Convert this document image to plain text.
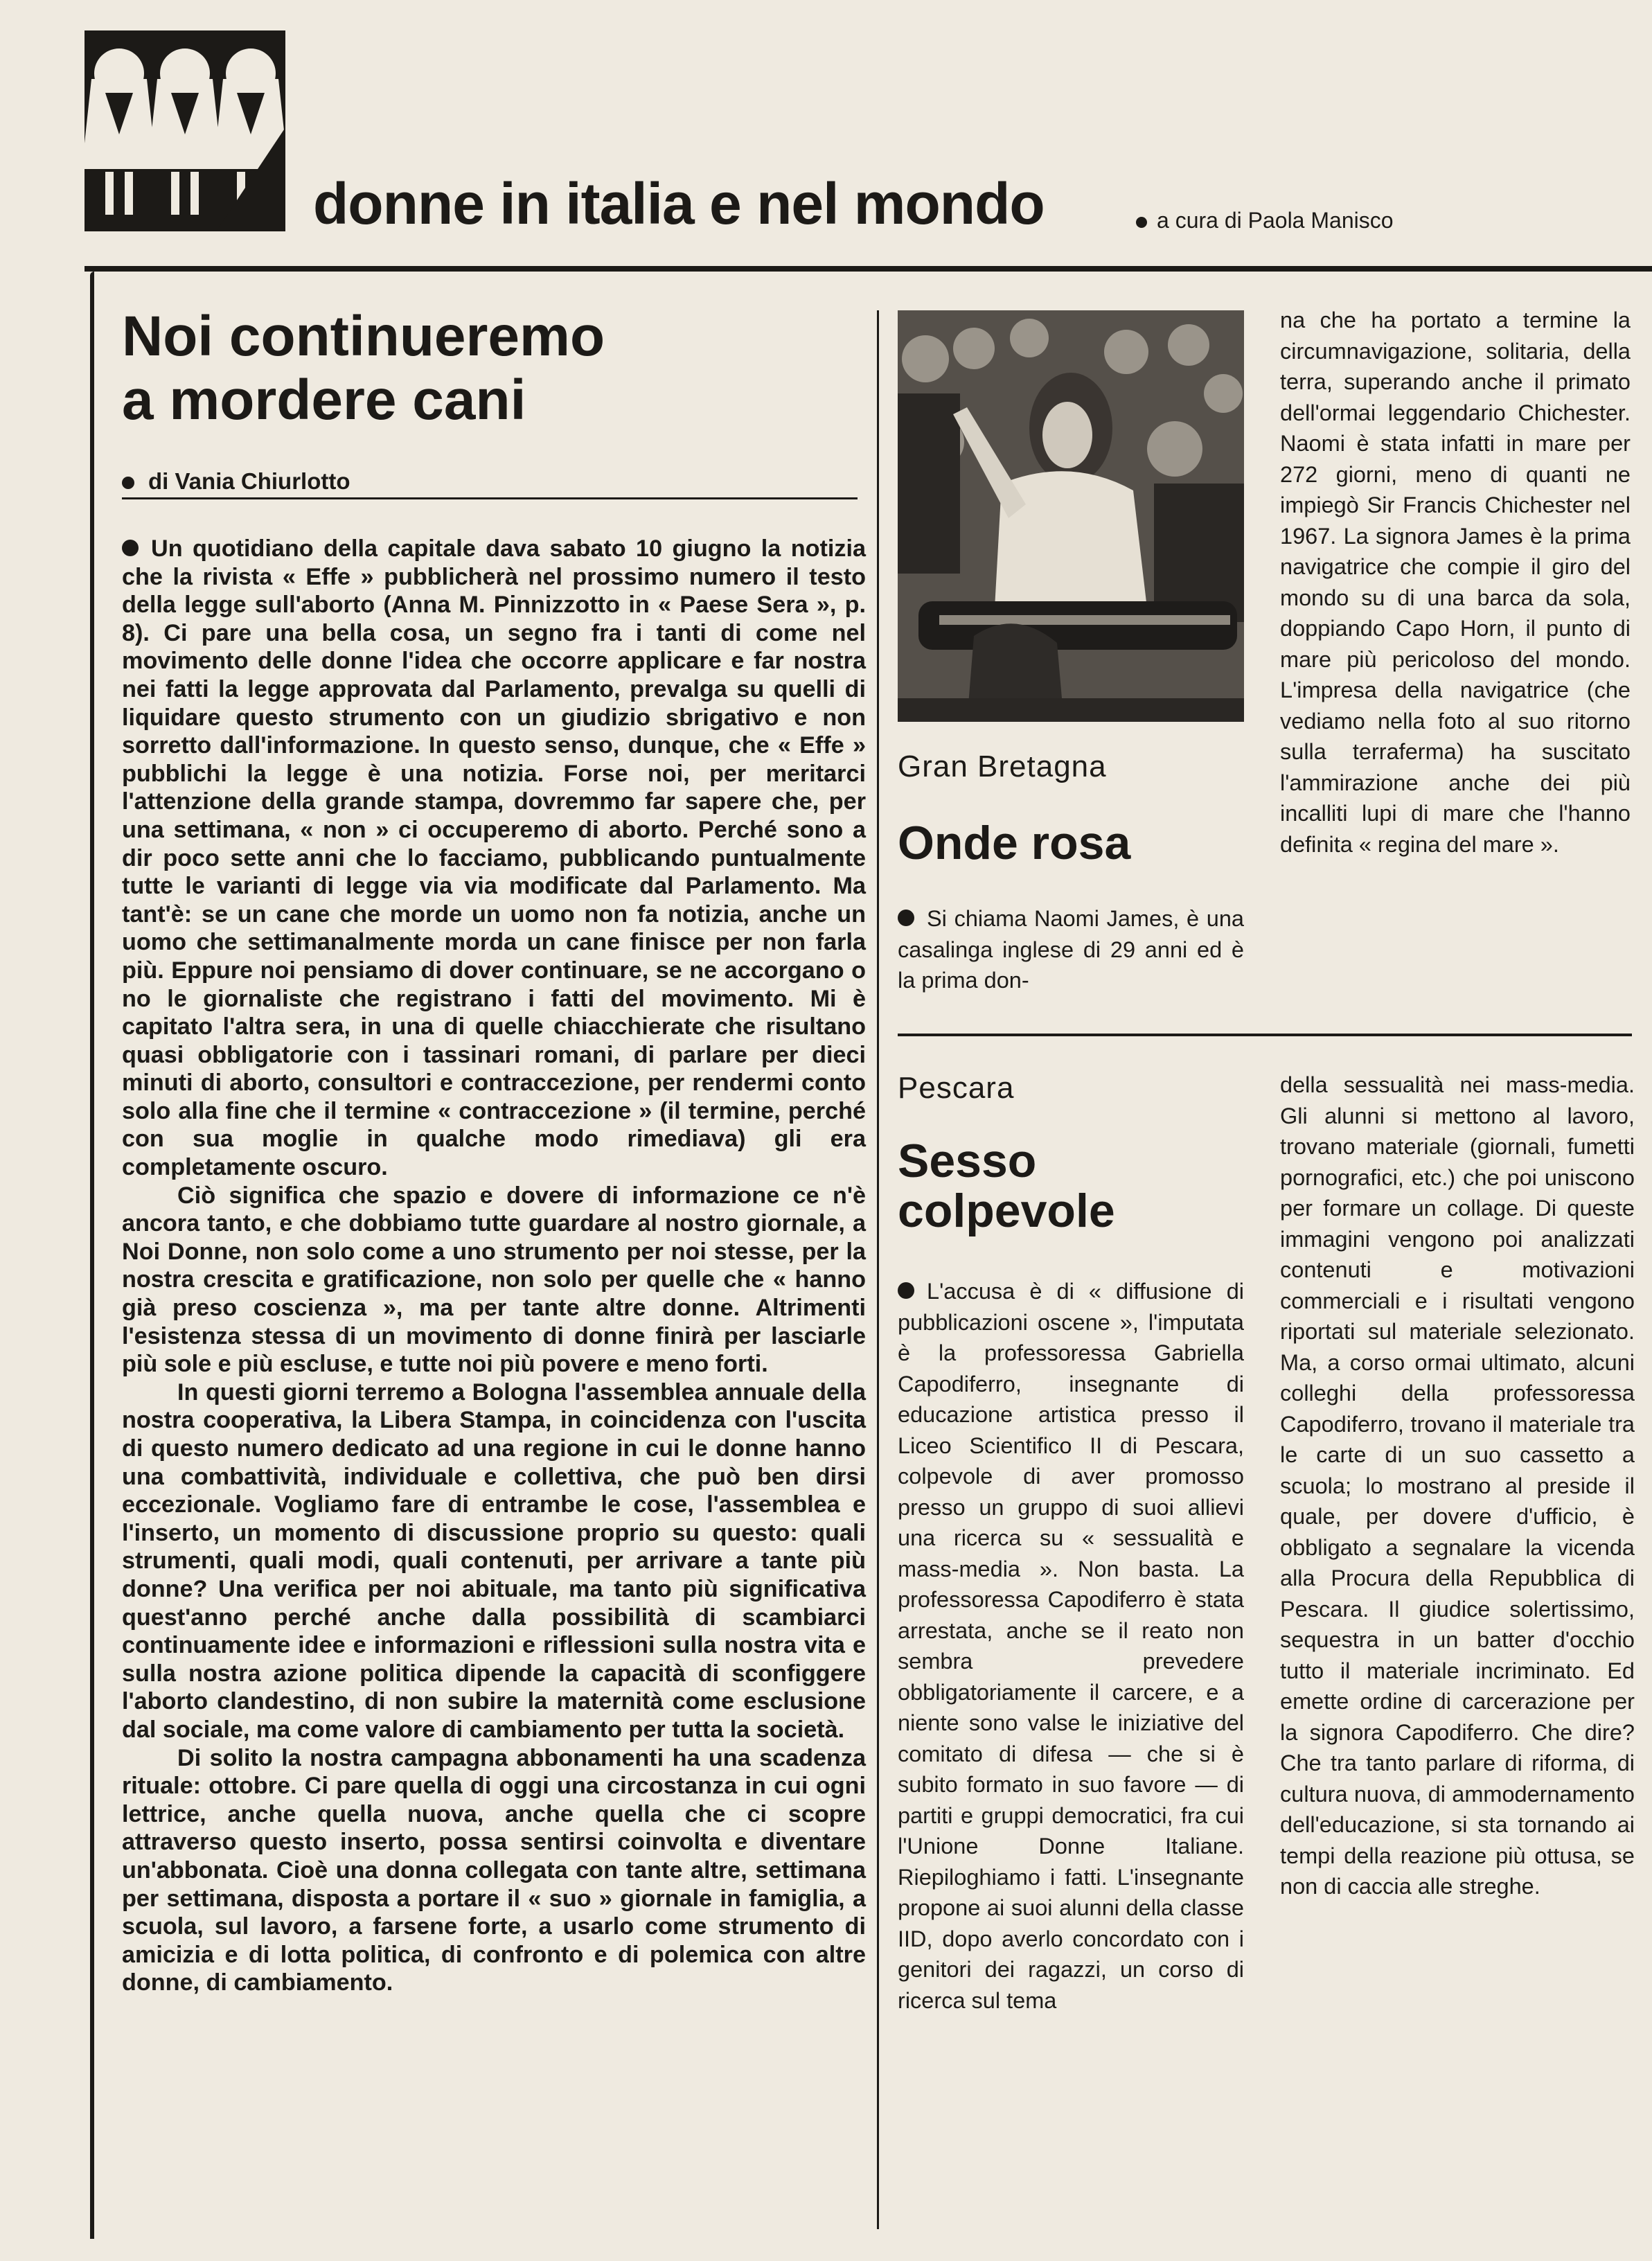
donne in italia e nel mondo	a cura di Paola Manisco
Noi continueremo
a mordere cani
di Vania Chiurlotto

Un quotidiano della capitale dava sabato 10 giugno la notizia che la rivista « Effe » pubblicherà nel prossimo numero il testo della legge sull'aborto (Anna M. Pinnizzotto in « Paese Sera », p. 8). Ci pare una bella cosa, un segno fra i tanti di come nel movimento delle donne l'idea che occorre applicare e far nostra nei fatti la legge approvata dal Parlamento, prevalga su quelli di liquidare questo strumento con un giudizio sbrigativo e non sorretto dall'informazione. In questo senso, dunque, che « Effe » pubblichi la legge è una notizia. Forse noi, per meritarci l'attenzione della grande stampa, dovremmo far sapere che, per una settimana, « non » ci occuperemo di aborto. Perché sono a dir poco sette anni che lo facciamo, pubblicando puntualmente tutte le varianti di legge via via modificate dal Parlamento. Ma tant'è: se un cane che morde un uomo non fa notizia, anche un uomo che settimanalmente morda un cane finisce per non farla più. Eppure noi pensiamo di dover continuare, se ne accorgano o no le giornaliste che registrano i fatti del movimento. Mi è capitato l'altra sera, in una di quelle chiacchierate che risultano quasi obbligatorie con i tassinari romani, di parlare per dieci minuti di aborto, consultori e contraccezione, per rendermi conto solo alla fine che il termine « contraccezione » (il termine, perché con sua moglie in qualche modo rimediava) gli era completamente oscuro.

Ciò significa che spazio e dovere di informazione ce n'è ancora tanto, e che dobbiamo tutte guardare al nostro giornale, a Noi Donne, non solo come a uno strumento per noi stesse, per la nostra crescita e gratificazione, non solo per quelle che « hanno già preso coscienza », ma per tante altre donne. Altrimenti l'esistenza stessa di un movimento di donne finirà per lasciarle più sole e più escluse, e tutte noi più povere e meno forti.

In questi giorni terremo a Bologna l'assemblea annuale della nostra cooperativa, la Libera Stampa, in coincidenza con l'uscita di questo numero dedicato ad una regione in cui le donne hanno una combattività, individuale e collettiva, che può ben dirsi eccezionale. Vogliamo fare di entrambe le cose, l'assemblea e l'inserto, un momento di discussione proprio su questo: quali strumenti, quali modi, quali contenuti, per arrivare a tante più donne? Una verifica per noi abituale, ma tanto più significativa quest'anno perché anche dalla possibilità di scambiarci continuamente idee e informazioni e riflessioni sulla nostra vita e sulla nostra azione politica dipende la capacità di sconfiggere l'aborto clandestino, di non subire la maternità come esclusione dal sociale, ma come valore di cambiamento per tutta la società.

Di solito la nostra campagna abbonamenti ha una scadenza rituale: ottobre. Ci pare quella di oggi una circostanza in cui ogni lettrice, anche quella nuova, anche quella che ci scopre attraverso questo inserto, possa sentirsi coinvolta e diventare un'abbonata. Cioè una donna collegata con tante altre, settimana per settimana, disposta a portare il « suo » giornale in famiglia, a scuola, sul lavoro, a farsene forte, a usarlo come strumento di amicizia e di lotta politica, di confronto e di polemica con altre donne, di cambiamento.

Gran Bretagna
Onde rosa

Si chiama Naomi James, è una casalinga inglese di 29 anni ed è la prima don-

na che ha portato a termine la circumnavigazione, solitaria, della terra, superando anche il primato dell'ormai leggendario Chichester. Naomi è stata infatti in mare per 272 giorni, meno di quanti ne impiegò Sir Francis Chichester nel 1967. La signora James è la prima navigatrice che compie il giro del mondo su di una barca da sola, doppiando Capo Horn, il punto di mare più pericoloso del mondo. L'impresa della navigatrice (che vediamo nella foto al suo ritorno sulla terraferma) ha suscitato l'ammirazione anche dei più incalliti lupi di mare che l'hanno definita « regina del mare ».

Pescara
Sesso
colpevole

L'accusa è di « diffusione di pubblicazioni oscene », l'imputata è la professoressa Gabriella Capodiferro, insegnante di educazione artistica presso il Liceo Scientifico II di Pescara, colpevole di aver promosso presso un gruppo di suoi allievi una ricerca su « sessualità e mass-media ». Non basta. La professoressa Capodiferro è stata arrestata, anche se il reato non sembra prevedere obbligatoriamente il carcere, e a niente sono valse le iniziative del comitato di difesa — che si è subito formato in suo favore — di partiti e gruppi democratici, fra cui l'Unione Donne Italiane. Riepiloghiamo i fatti. L'insegnante propone ai suoi alunni della classe IID, dopo averlo concordato con i genitori dei ragazzi, un corso di ricerca sul tema

della sessualità nei mass-media. Gli alunni si mettono al lavoro, trovano materiale (giornali, fumetti pornografici, etc.) che poi uniscono per formare un collage. Di queste immagini vengono poi analizzati contenuti e motivazioni commerciali e i risultati vengono riportati sul materiale selezionato. Ma, a corso ormai ultimato, alcuni colleghi della professoressa Capodiferro, trovano il materiale tra le carte di un suo cassetto a scuola; lo mostrano al preside il quale, per dovere d'ufficio, è obbligato a segnalare la vicenda alla Procura della Repubblica di Pescara. Il giudice solertissimo, sequestra in un batter d'occhio tutto il materiale incriminato. Ed emette ordine di carcerazione per la signora Capodiferro. Che dire? Che tra tanto parlare di riforma, di cultura nuova, di ammodernamento dell'educazione, si sta tornando ai tempi della reazione più ottusa, se non di caccia alle streghe.
